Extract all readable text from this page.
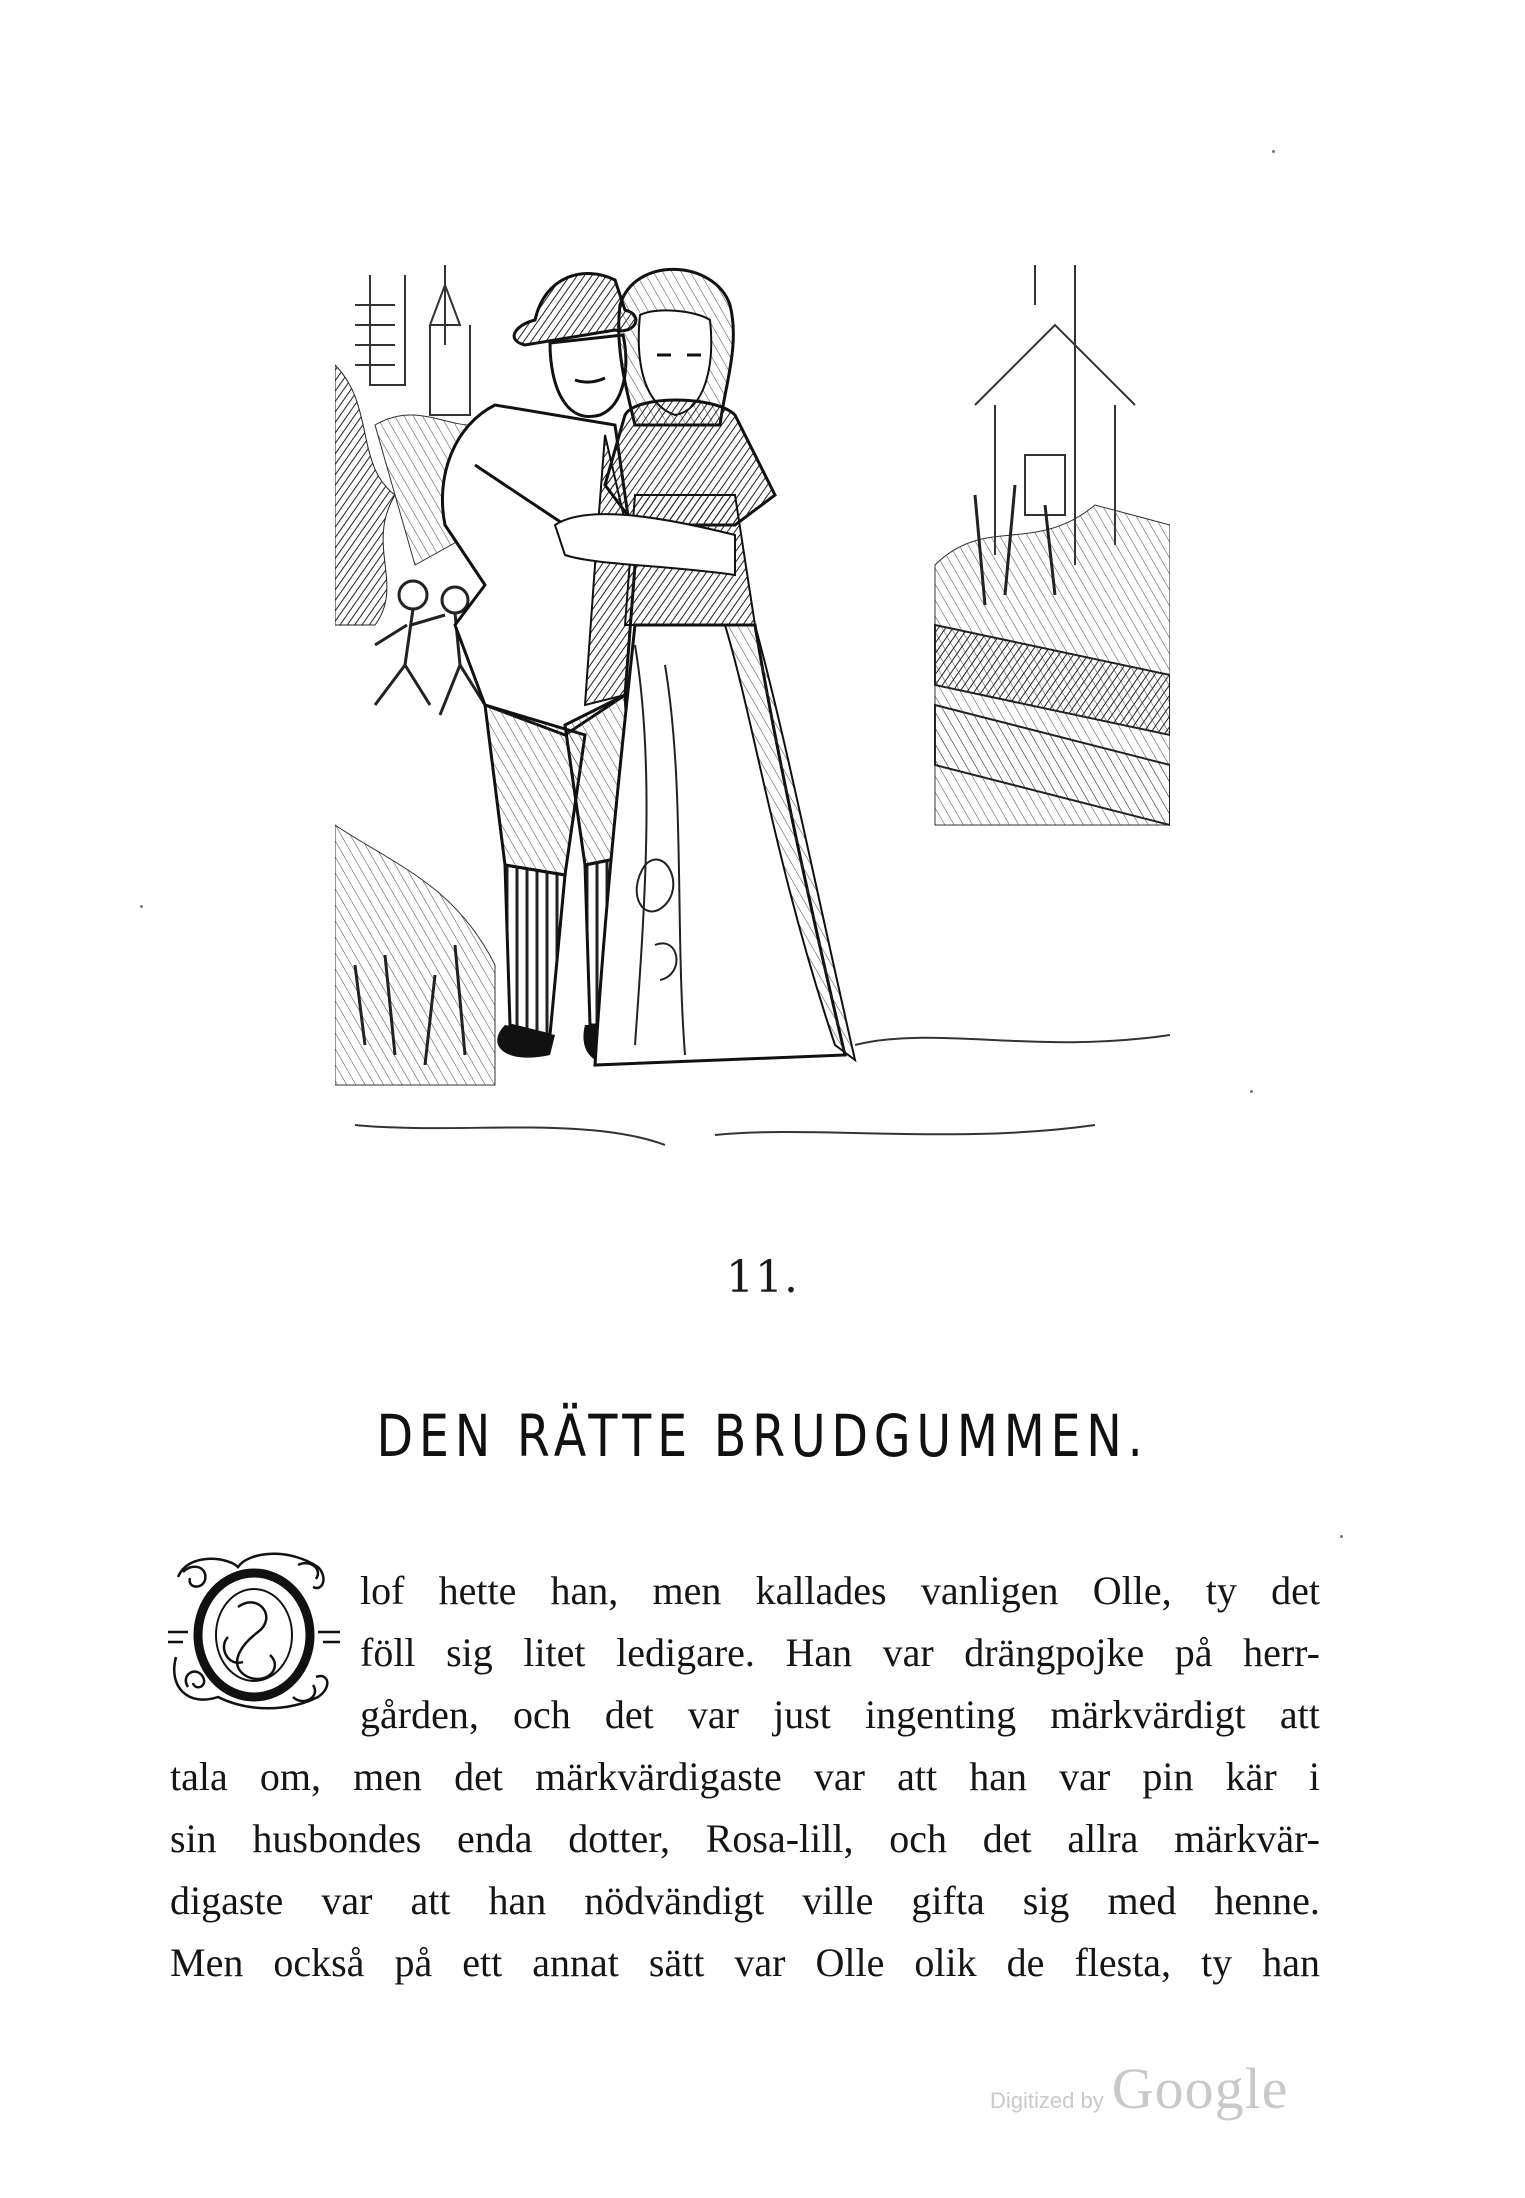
11.
DEN RÄTTE BRUDGUMMEN.
lof hette han, men kallades vanligen Olle, ty det
föll sig litet ledigare. Han var drängpojke på herr-
gården, och det var just ingenting märkvärdigt att
tala om, men det märkvärdigaste var att han var pin kär i
sin husbondes enda dotter, Rosa-lill, och det allra märkvär-
digaste var att han nödvändigt ville gifta sig med henne.
Men också på ett annat sätt var Olle olik de flesta, ty han
Digitized by Google
